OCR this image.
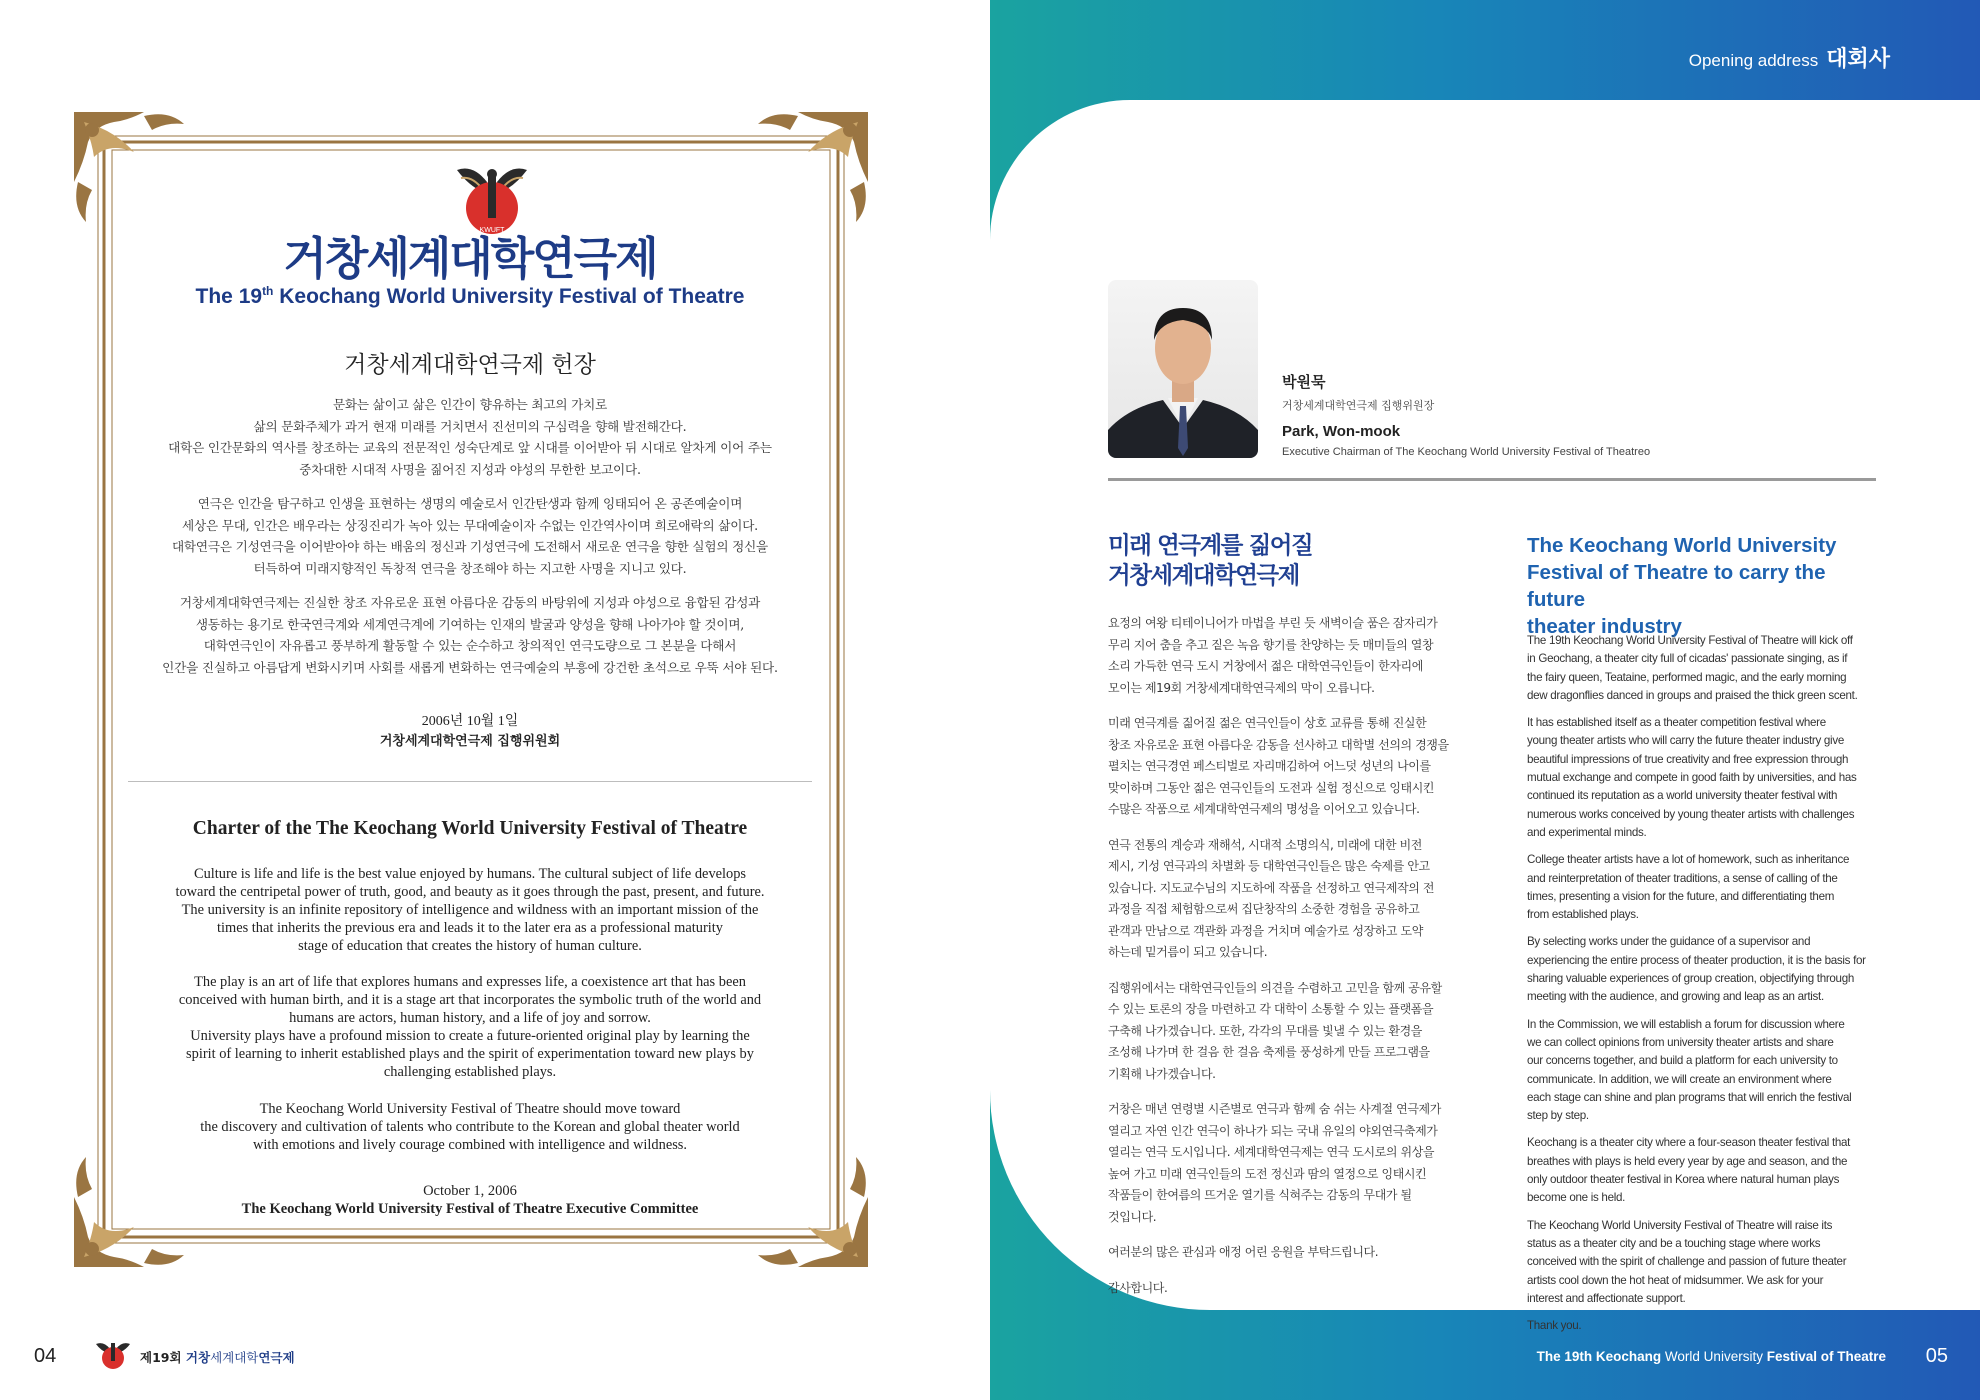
KWUFT
거창세계대학연극제
The 19th Keochang World University Festival of Theatre
거창세계대학연극제 헌장
문화는 삶이고 삶은 인간이 향유하는 최고의 가치로
삶의 문화주체가 과거 현재 미래를 거치면서 진선미의 구심력을 향해 발전해간다.
대학은 인간문화의 역사를 창조하는 교육의 전문적인 성숙단계로 앞 시대를 이어받아 뒤 시대로 알차게 이어 주는
중차대한 시대적 사명을 짊어진 지성과 야성의 무한한 보고이다.
연극은 인간을 탐구하고 인생을 표현하는 생명의 예술로서 인간탄생과 함께 잉태되어 온 공존예술이며
세상은 무대, 인간은 배우라는 상징진리가 녹아 있는 무대예술이자 수없는 인간역사이며 희로애락의 삶이다.
대학연극은 기성연극을 이어받아야 하는 배움의 정신과 기성연극에 도전해서 새로운 연극을 향한 실험의 정신을
터득하여 미래지향적인 독창적 연극을 창조해야 하는 지고한 사명을 지니고 있다.
거창세계대학연극제는 진실한 창조 자유로운 표현 아름다운 감동의 바탕위에 지성과 야성으로 융합된 감성과
생동하는 용기로 한국연극계와 세계연극계에 기여하는 인재의 발굴과 양성을 향해 나아가야 할 것이며,
대학연극인이 자유롭고 풍부하게 활동할 수 있는 순수하고 창의적인 연극도량으로 그 본분을 다해서
인간을 진실하고 아름답게 변화시키며 사회를 새롭게 변화하는 연극예술의 부흥에 강건한 초석으로 우뚝 서야 된다.
2006년 10월 1일
거창세계대학연극제 집행위원회
Charter of the The Keochang World University Festival of Theatre
Culture is life and life is the best value enjoyed by humans. The cultural subject of life develops
toward the centripetal power of truth, good, and beauty as it goes through the past, present, and future.
The university is an infinite repository of intelligence and wildness with an important mission of the
times that inherits the previous era and leads it to the later era as a professional maturity
stage of education that creates the history of human culture.
The play is an art of life that explores humans and expresses life, a coexistence art that has been
conceived with human birth, and it is a stage art that incorporates the symbolic truth of the world and
humans are actors, human history, and a life of joy and sorrow.
University plays have a profound mission to create a future-oriented original play by learning the
spirit of learning to inherit established plays and the spirit of experimentation toward new plays by
challenging established plays.
The Keochang World University Festival of Theatre should move toward
the discovery and cultivation of talents who contribute to the Korean and global theater world
with emotions and lively courage combined with intelligence and wildness.
October 1, 2006
The Keochang World University Festival of Theatre Executive Committee
04	제19회 거창세계대학연극제
Opening address 대회사
박원묵
거창세계대학연극제 집행위원장
Park, Won-mook
Executive Chairman of The Keochang World University Festival of Theatreo
미래 연극계를 짊어질
거창세계대학연극제
요정의 여왕 티테이니어가 마법을 부린 듯 새벽이슬 품은 잠자리가
무리 지어 춤을 추고 짙은 녹음 향기를 찬양하는 듯 매미들의 열창
소리 가득한 연극 도시 거창에서 젊은 대학연극인들이 한자리에
모이는 제19회 거창세계대학연극제의 막이 오릅니다.
미래 연극계를 짊어질 젊은 연극인들이 상호 교류를 통해 진실한
창조 자유로운 표현 아름다운 감동을 선사하고 대학별 선의의 경쟁을
펼치는 연극경연 페스티벌로 자리매김하여 어느덧 성년의 나이를
맞이하며 그동안 젊은 연극인들의 도전과 실험 정신으로 잉태시킨
수많은 작품으로 세계대학연극제의 명성을 이어오고 있습니다.
연극 전통의 계승과 재해석, 시대적 소명의식, 미래에 대한 비전
제시, 기성 연극과의 차별화 등 대학연극인들은 많은 숙제를 안고
있습니다. 지도교수님의 지도하에 작품을 선정하고 연극제작의 전
과정을 직접 체험함으로써 집단창작의 소중한 경험을 공유하고
관객과 만남으로 객관화 과정을 거치며 예술가로 성장하고 도약
하는데 밑거름이 되고 있습니다.
집행위에서는 대학연극인들의 의견을 수렴하고 고민을 함께 공유할
수 있는 토론의 장을 마련하고 각 대학이 소통할 수 있는 플랫폼을
구축해 나가겠습니다. 또한, 각각의 무대를 빛낼 수 있는 환경을
조성해 나가며 한 걸음 한 걸음 축제를 풍성하게 만들 프로그램을
기획해 나가겠습니다.
거창은 매년 연령별 시즌별로 연극과 함께 숨 쉬는 사계절 연극제가
열리고 자연 인간 연극이 하나가 되는 국내 유일의 야외연극축제가
열리는 연극 도시입니다. 세계대학연극제는 연극 도시로의 위상을
높여 가고 미래 연극인들의 도전 정신과 땀의 열정으로 잉태시킨
작품들이 한여름의 뜨거운 열기를 식혀주는 감동의 무대가 될
것입니다.
여러분의 많은 관심과 애정 어린 응원을 부탁드립니다.
감사합니다.
The Keochang World University
Festival of Theatre to carry the future
theater industry
The 19th Keochang World University Festival of Theatre will kick off
in Geochang, a theater city full of cicadas' passionate singing, as if
the fairy queen, Teataine, performed magic, and the early morning
dew dragonflies danced in groups and praised the thick green scent.
It has established itself as a theater competition festival where
young theater artists who will carry the future theater industry give
beautiful impressions of true creativity and free expression through
mutual exchange and compete in good faith by universities, and has
continued its reputation as a world university theater festival with
numerous works conceived by young theater artists with challenges
and experimental minds.
College theater artists have a lot of homework, such as inheritance
and reinterpretation of theater traditions, a sense of calling of the
times, presenting a vision for the future, and differentiating them
from established plays.
By selecting works under the guidance of a supervisor and
experiencing the entire process of theater production, it is the basis for
sharing valuable experiences of group creation, objectifying through
meeting with the audience, and growing and leap as an artist.
In the Commission, we will establish a forum for discussion where
we can collect opinions from university theater artists and share
our concerns together, and build a platform for each university to
communicate. In addition, we will create an environment where
each stage can shine and plan programs that will enrich the festival
step by step.
Keochang is a theater city where a four-season theater festival that
breathes with plays is held every year by age and season, and the
only outdoor theater festival in Korea where natural human plays
become one is held.
The Keochang World University Festival of Theatre will raise its
status as a theater city and be a touching stage where works
conceived with the spirit of challenge and passion of future theater
artists cool down the hot heat of midsummer. We ask for your
interest and affectionate support.
Thank you.
The 19th Keochang World University Festival of Theatre 05
